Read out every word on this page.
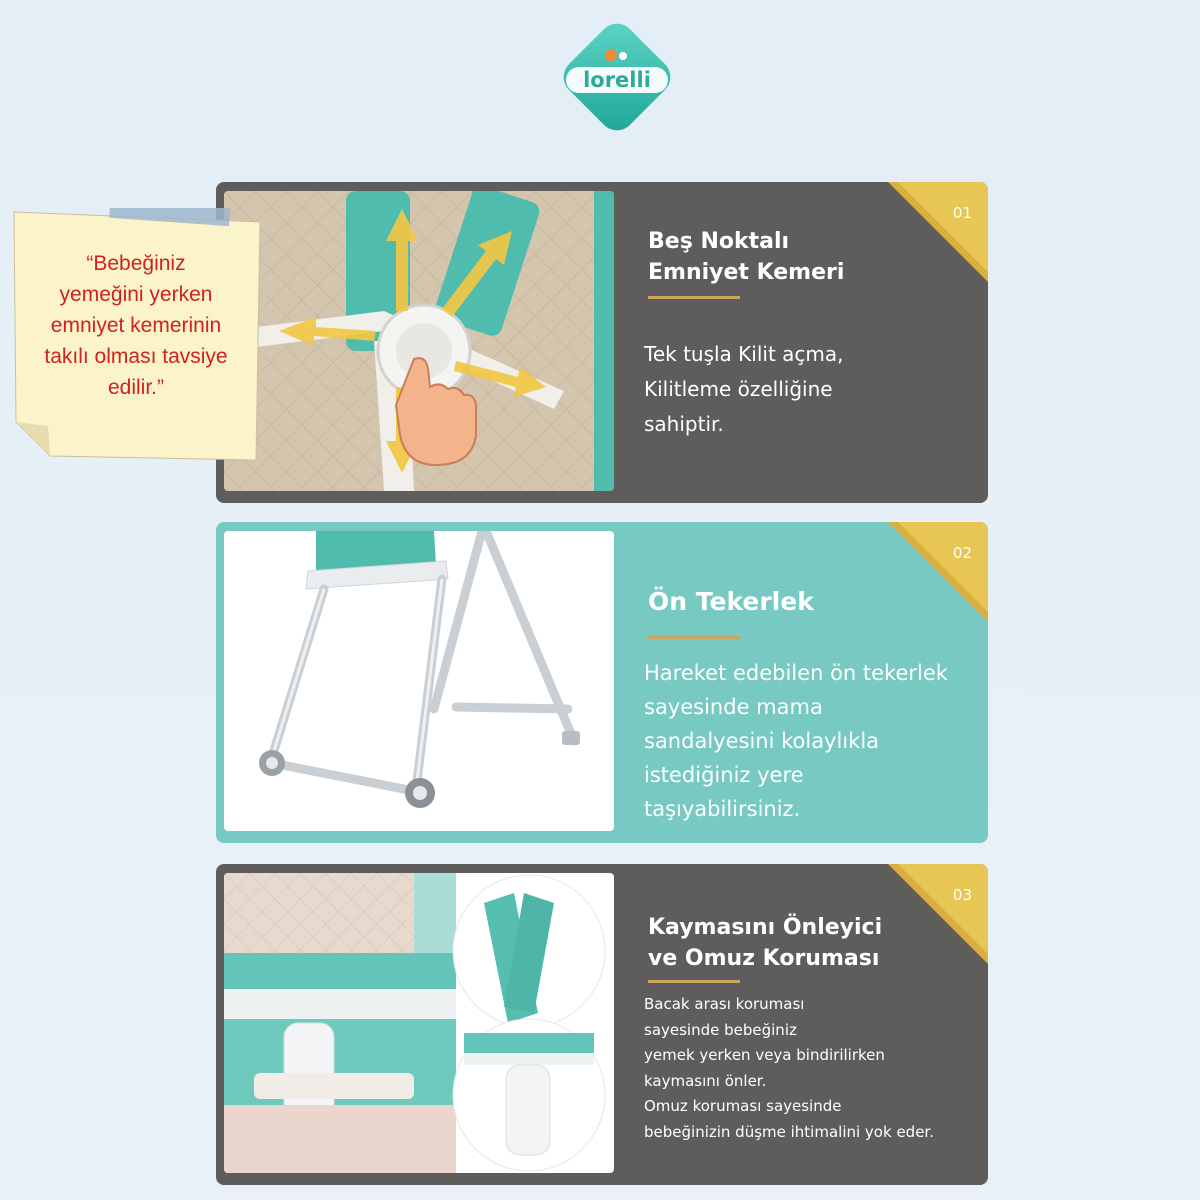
lorelli
01
Beş Noktalı
Emniyet Kemeri
Tek tuşla Kilit açma,
Kilitleme özelliğine
sahiptir.
“Bebeğiniz
yemeğini yerken
emniyet kemerinin
takılı olması tavsiye
edilir.”
02
Ön Tekerlek
Hareket edebilen ön tekerlek
sayesinde mama
sandalyesini kolaylıkla
istediğiniz yere
taşıyabilirsiniz.
03
Kaymasını Önleyici
ve Omuz Koruması
Bacak arası koruması
sayesinde bebeğiniz
yemek yerken veya bindirilirken
kaymasını önler.
Omuz koruması sayesinde
bebeğinizin düşme ihtimalini yok eder.
